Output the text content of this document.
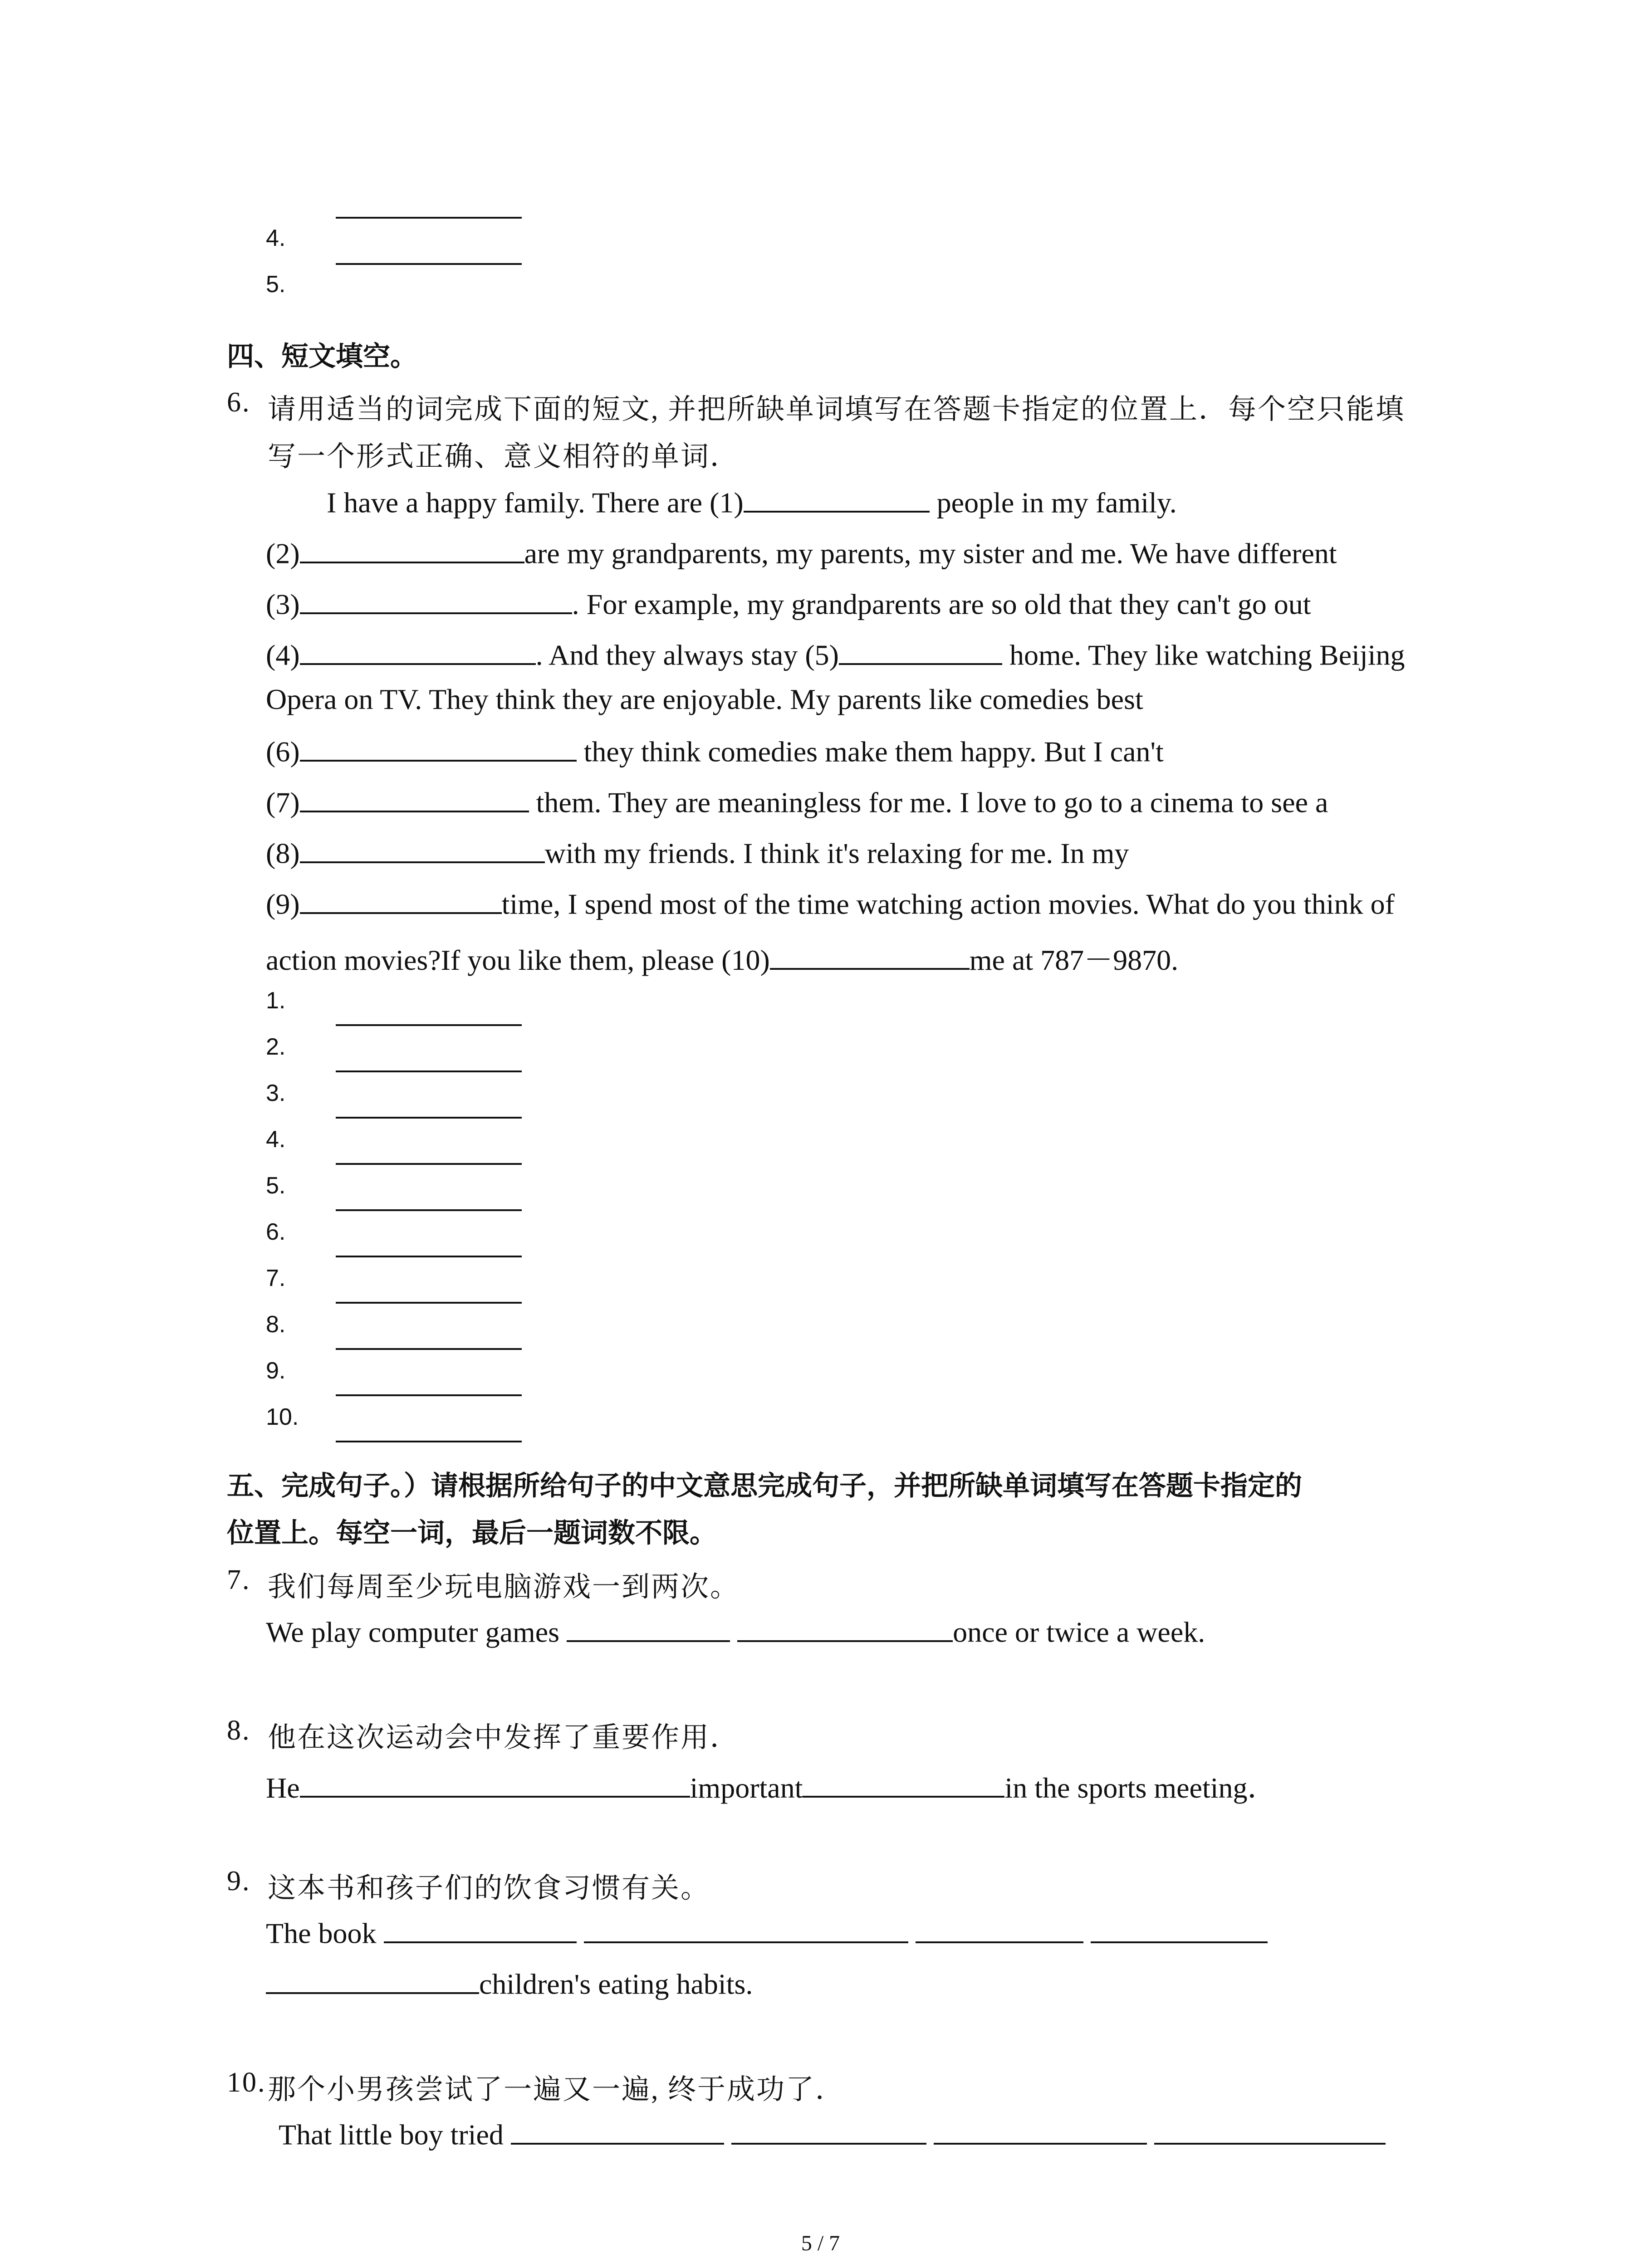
4.
5.
四、短文填空。
6. 请用适当的词完成下面的短文, 并把所缺单词填写在答题卡指定的位置上．每个空只能填
写一个形式正确、意义相符的单词．
I have a happy family. There are (1)	people in my family.
(2)	are my grandparents, my parents, my sister and me. We have different
(3)	. For example, my grandparents are so old that they can't go out
(4)	. And they always stay (5)	home. They like watching Beijing
Opera on TV. They think they are enjoyable. My parents like comedies best
(6)	they think comedies make them happy. But I can't
(7)	them. They are meaningless for me. I love to go to a cinema to see a
(8)	with my friends. I think it's relaxing for me. In my
(9)	time, I spend most of the time watching action movies. What do you think of
action movies?If you like them, please (10)	me at 787－9870.
1.
2.
3.
4.
5.
6.
7.
8.
9.
10.
五、完成句子。）请根据所给句子的中文意思完成句子，并把所缺单词填写在答题卡指定的
位置上。每空一词，最后一题词数不限。
7. 我们每周至少玩电脑游戏一到两次。
We play computer games	once or twice a week.
8. 他在这次运动会中发挥了重要作用．
He	important	in the sports meeting．
9. 这本书和孩子们的饮食习惯有关。
The book
children's eating habits.
10. 那个小男孩尝试了一遍又一遍, 终于成功了．
That little boy tried
5 / 7
